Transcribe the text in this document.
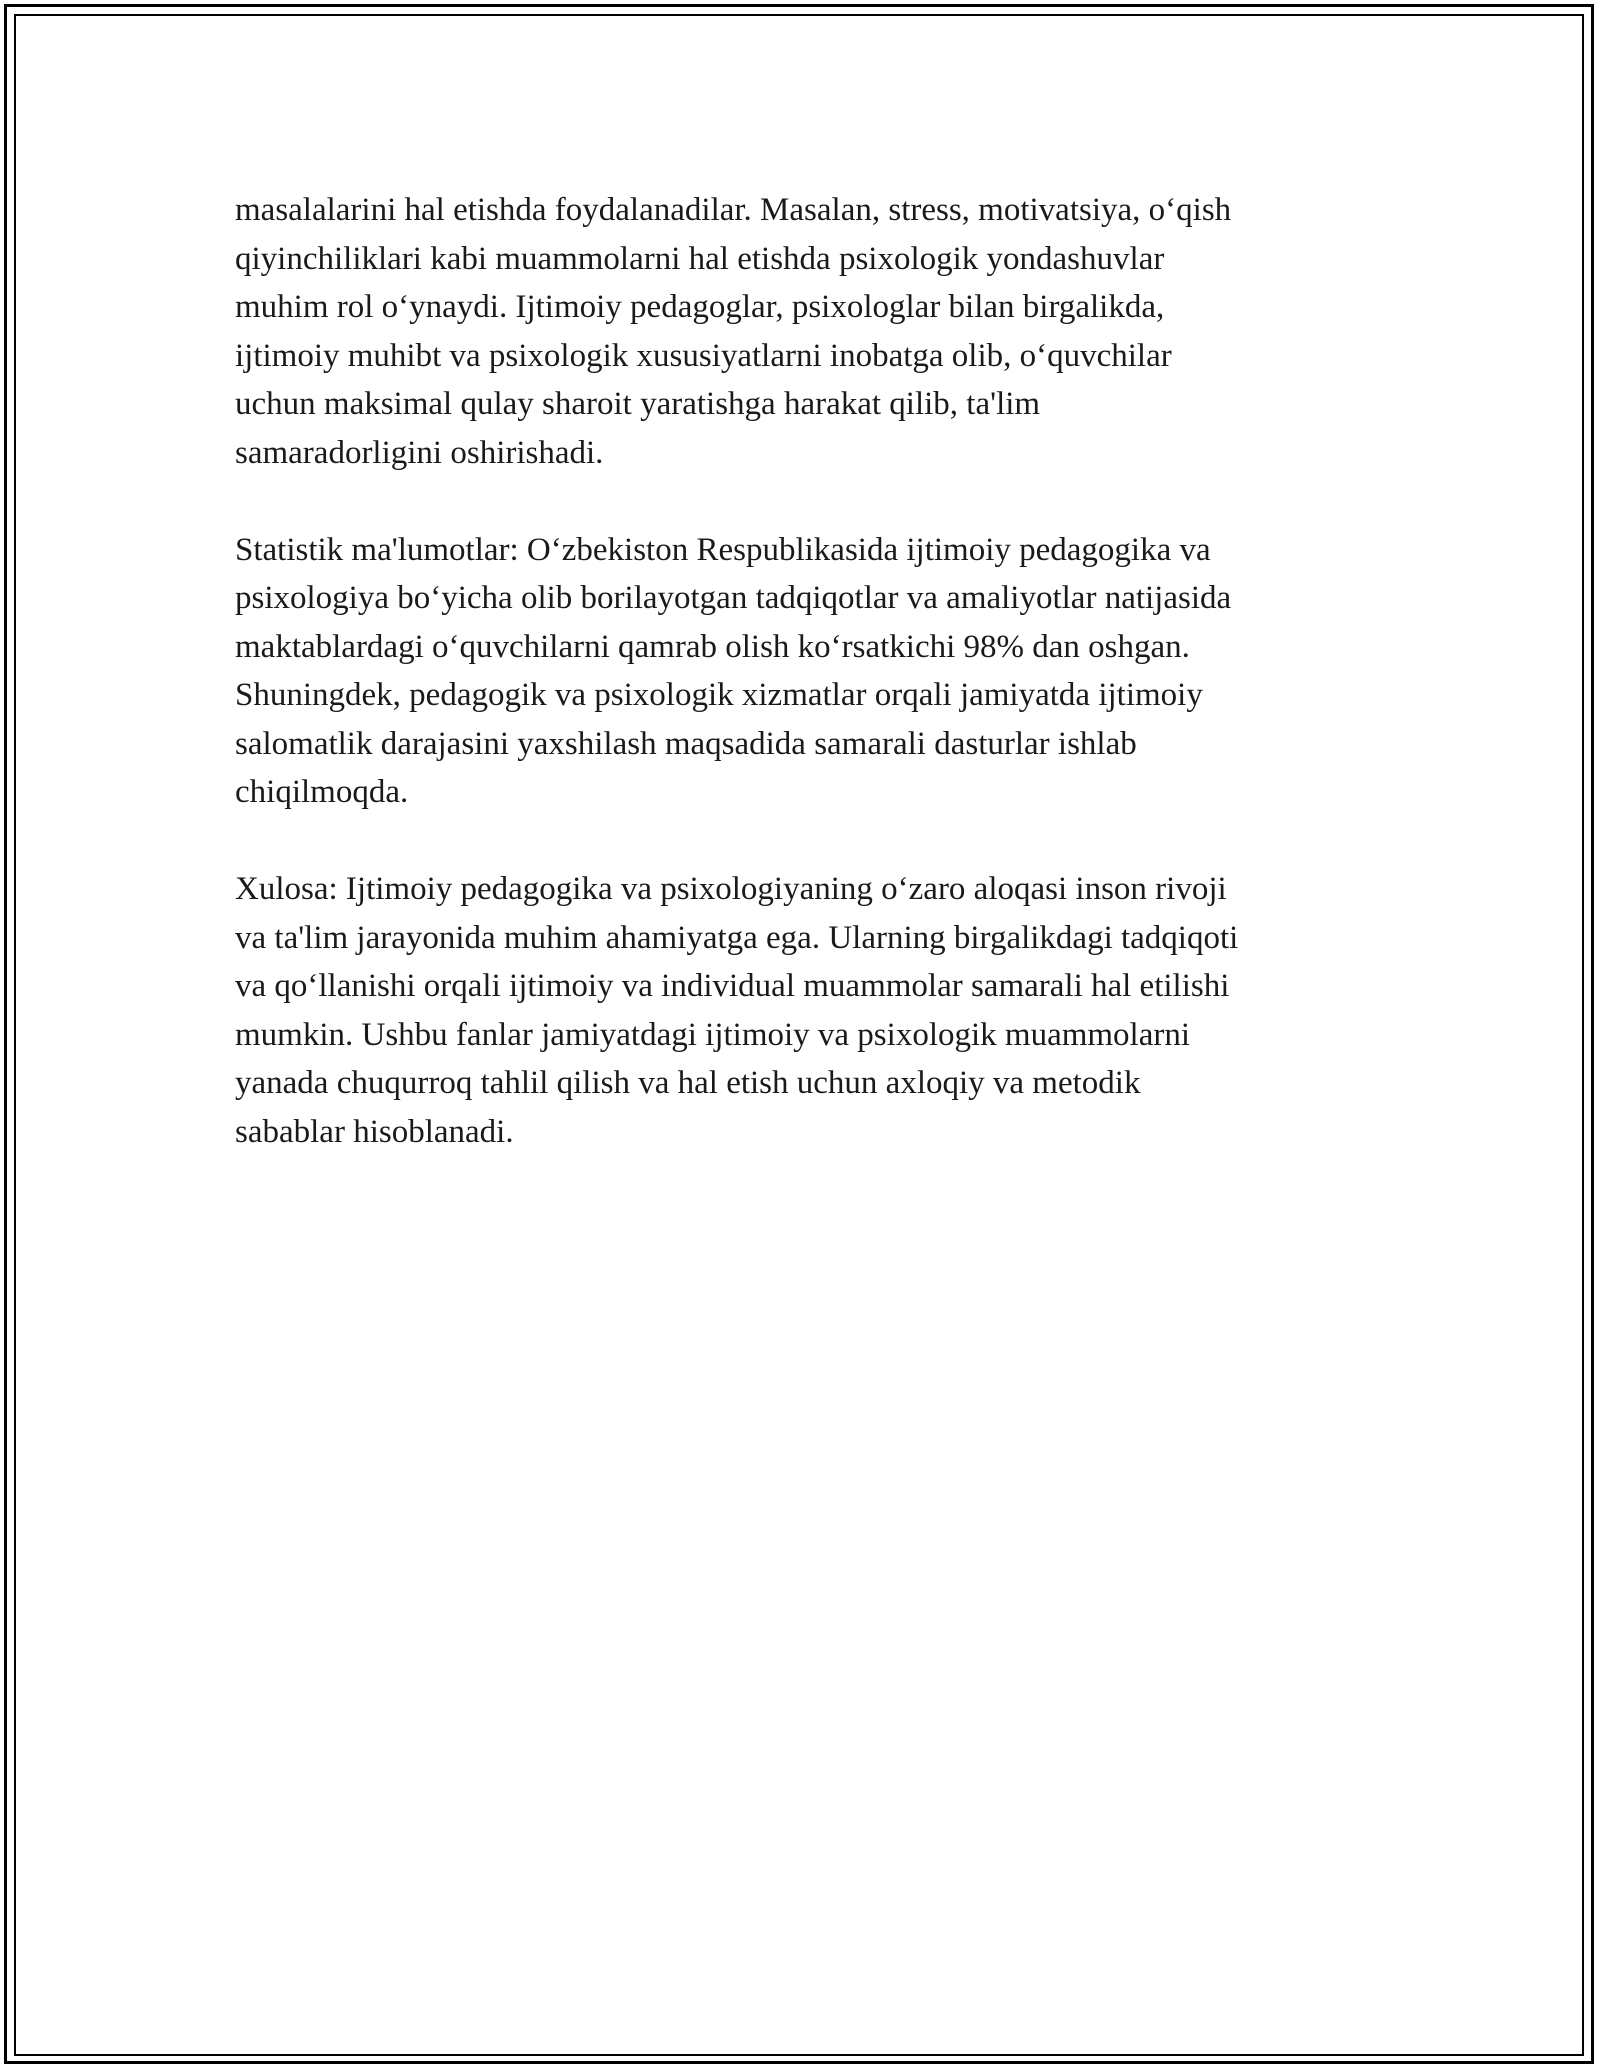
masalalarini hal etishda foydalanadilar. Masalan, stress, motivatsiya, o‘qish
qiyinchiliklari kabi muammolarni hal etishda psixologik yondashuvlar
muhim rol o‘ynaydi. Ijtimoiy pedagoglar, psixologlar bilan birgalikda,
ijtimoiy muhibt va psixologik xususiyatlarni inobatga olib, o‘quvchilar
uchun maksimal qulay sharoit yaratishga harakat qilib, ta'lim
samaradorligini oshirishadi.

Statistik ma'lumotlar: O‘zbekiston Respublikasida ijtimoiy pedagogika va
psixologiya bo‘yicha olib borilayotgan tadqiqotlar va amaliyotlar natijasida
maktablardagi o‘quvchilarni qamrab olish ko‘rsatkichi 98% dan oshgan.
Shuningdek, pedagogik va psixologik xizmatlar orqali jamiyatda ijtimoiy
salomatlik darajasini yaxshilash maqsadida samarali dasturlar ishlab
chiqilmoqda.

Xulosa: Ijtimoiy pedagogika va psixologiyaning o‘zaro aloqasi inson rivoji
va ta'lim jarayonida muhim ahamiyatga ega. Ularning birgalikdagi tadqiqoti
va qo‘llanishi orqali ijtimoiy va individual muammolar samarali hal etilishi
mumkin. Ushbu fanlar jamiyatdagi ijtimoiy va psixologik muammolarni
yanada chuqurroq tahlil qilish va hal etish uchun axloqiy va metodik
sabablar hisoblanadi.
